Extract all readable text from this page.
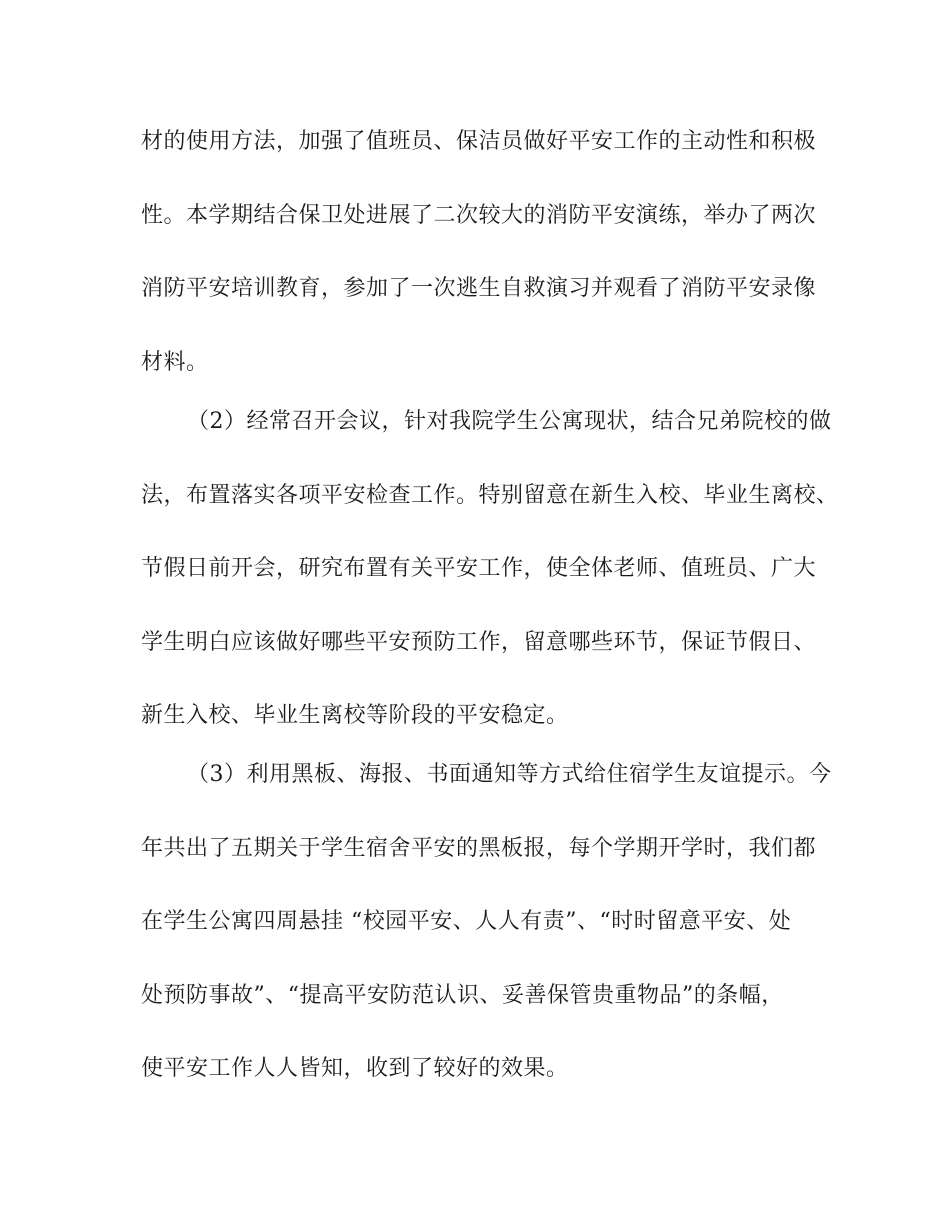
材的使用方法，加强了值班员、保洁员做好平安工作的主动性和积极
性。本学期结合保卫处进展了二次较大的消防平安演练，举办了两次
消防平安培训教育，参加了一次逃生自救演习并观看了消防平安录像
材料。
（2）经常召开会议，针对我院学生公寓现状，结合兄弟院校的做
法，布置落实各项平安检查工作。特别留意在新生入校、毕业生离校、
节假日前开会，研究布置有关平安工作，使全体老师、值班员、广大
学生明白应该做好哪些平安预防工作，留意哪些环节，保证节假日、
新生入校、毕业生离校等阶段的平安稳定。
（3）利用黑板、海报、书面通知等方式给住宿学生友谊提示。今
年共出了五期关于学生宿舍平安的黑板报，每个学期开学时，我们都
在学生公寓四周悬挂 “校园平安、人人有责”、“时时留意平安、处
处预防事故”、“提高平安防范认识、妥善保管贵重物品”的条幅，
使平安工作人人皆知，收到了较好的效果。
